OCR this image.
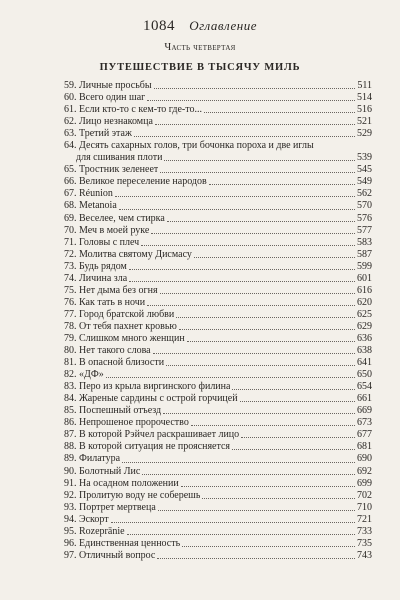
1084 Оглавление
Часть четвертая
ПУТЕШЕСТВИЕ В ТЫСЯЧУ МИЛЬ
59. Личные просьбы	511
60. Всего один шаг	514
61. Если кто-то с кем-то где-то...	516
62. Лицо незнакомца	521
63. Третий этаж	529
64. Десять сахарных голов, три бочонка пороха и две иглы
для сшивания плоти	539
65. Тростник зеленеет	545
66. Великое переселение народов	549
67. Réunion	562
68. Metanoia	570
69. Веселее, чем стирка	576
70. Меч в моей руке	577
71. Головы с плеч	583
72. Молитва святому Дисмасу	587
73. Будь рядом	599
74. Личина зла	601
75. Нет дыма без огня	616
76. Как тать в ночи	620
77. Город братской любви	625
78. От тебя пахнет кровью	629
79. Слишком много женщин	636
80. Нет такого слова	638
81. В опасной близости	641
82. «ДФ»	650
83. Перо из крыла виргинского филина	654
84. Жареные сардины с острой горчицей	661
85. Поспешный отъезд	669
86. Непрошеное пророчество	673
87. В которой Рэйчел раскрашивает лицо	677
88. В которой ситуация не проясняется	681
89. Филатура	690
90. Болотный Лис	692
91. На осадном положении	699
92. Пролитую воду не соберешь	702
93. Портрет мертвеца	710
94. Эскорт	721
95. Rozeprānie	733
96. Единственная ценность	735
97. Отличный вопрос	743
